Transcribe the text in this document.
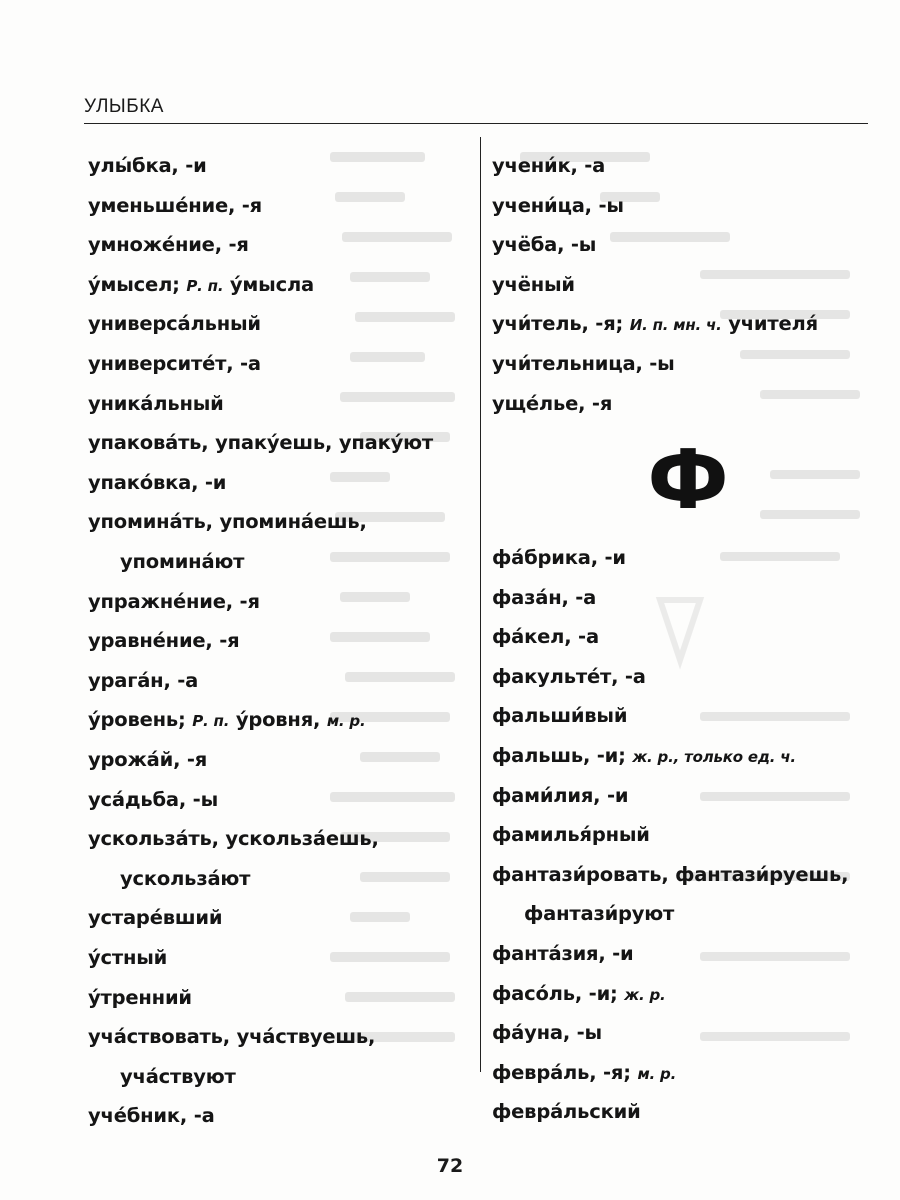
УЛЫБКА
улы́бка, -и
уменьше́ние, -я
умноже́ние, -я
у́мысел; Р. п. у́мысла
универса́льный
университе́т, -а
уника́льный
упакова́ть, упаку́ешь, упаку́ют
упако́вка, -и
упомина́ть, упомина́ешь,
упомина́ют
упражне́ние, -я
уравне́ние, -я
урага́н, -а
у́ровень; Р. п. у́ровня, м. р.
урожа́й, -я
уса́дьба, -ы
ускольза́ть, ускольза́ешь,
ускольза́ют
устаре́вший
у́стный
у́тренний
уча́ствовать, уча́ствуешь,
уча́ствуют
уче́бник, -а
учени́к, -а
учени́ца, -ы
учёба, -ы
учёный
учи́тель, -я; И. п. мн. ч. учителя́
учи́тельница, -ы
уще́лье, -я
фа́брика, -и
фаза́н, -а
фа́кел, -а
факульте́т, -а
фальши́вый
фальшь, -и; ж. р., только ед. ч.
фами́лия, -и
фамилья́рный
фантази́ровать, фантази́руешь,
фантази́руют
фанта́зия, -и
фасо́ль, -и; ж. р.
фа́уна, -ы
февра́ль, -я; м. р.
февра́льский
Ф
72
